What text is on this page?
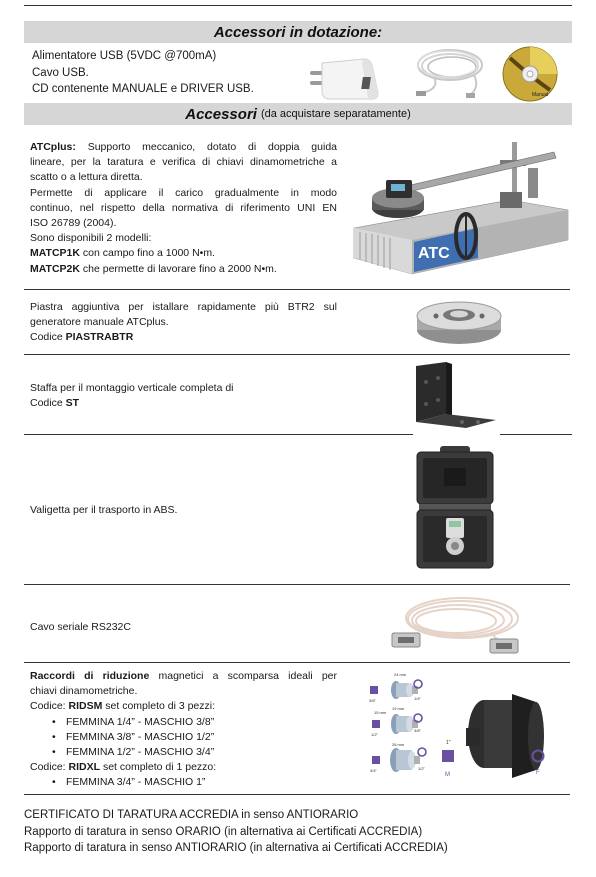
Accessori in dotazione:

Alimentatore USB (5VDC @700mA)

Cavo USB.

CD contenente MANUALE e DRIVER USB.	Manual
Accessori (da acquistare separatamente)

ATCplus: Supporto meccanico, dotato di doppia guida

lineare, per la taratura e verifica di chiavi dinamometriche a

scatto o a lettura diretta.

Permette di applicare il carico gradualmente in modo

continuo, nel rispetto della normativa di riferimento UNI EN

ISO 26789 (2004).

Sono disponibili 2 modelli:

MATCP1K con campo fino a 1000 N•m.

MATCP2K che permette di lavorare fino a 2000 N•m.

ATC

Piastra aggiuntiva per istallare rapidamente più BTR2 sul

generatore manuale ATCplus.

Codice PIASTRABTR

Staffa per il montaggio verticale completa di

Codice ST

Valigetta per il trasporto in ABS.

Cavo seriale RS232C

Raccordi di riduzione magnetici a scomparsa ideali per

chiavi dinamometriche.

Codice: RIDSM set completo di 3 pezzi:

• FEMMINA 1/4” - MASCHIO 3/8”
• FEMMINA 3/8” - MASCHIO 1/2”
• FEMMINA 1/2” - MASCHIO 3/4”

Codice: RIDXL set completo di 1 pezzo:

• FEMMINA 3/4” - MASCHIO 1”
3/8"	1/4"
24 mm
1/2"
3/8"
19 mm
3/4"	1/2"
28 mm
15 mm
1"
M
3/4"
F

CERTIFICATO DI TARATURA ACCREDIA in senso ANTIORARIO

Rapporto di taratura in senso ORARIO (in alternativa ai Certificati ACCREDIA)

Rapporto di taratura in senso ANTIORARIO (in alternativa ai Certificati ACCREDIA)
